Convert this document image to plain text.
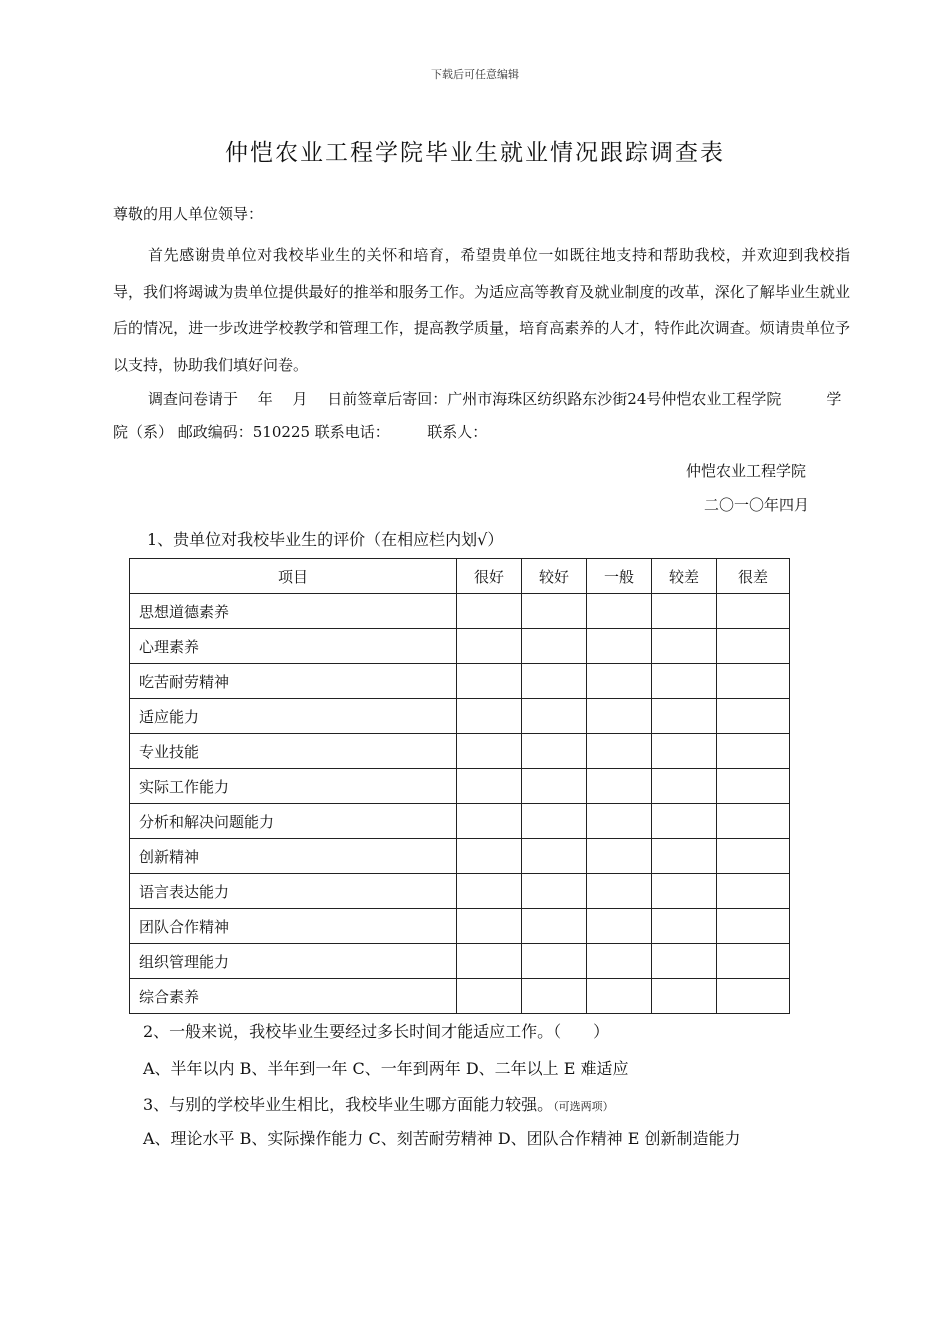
下载后可任意编辑
仲恺农业工程学院毕业生就业情况跟踪调查表
尊敬的用人单位领导：

首先感谢贵单位对我校毕业生的关怀和培育，希望贵单位一如既往地支持和帮助我校，并欢迎到我校指导，我们将竭诚为贵单位提供最好的推举和服务工作。为适应高等教育及就业制度的改革，深化了解毕业生就业后的情况，进一步改进学校教学和管理工作，提高教学质量，培育高素养的人才，特作此次调查。烦请贵单位予以支持，协助我们填好问卷。

调查问卷请于　 年　 月　 日前签章后寄回：广州市海珠区纺织路东沙街24号仲恺农业工程学院　　　学院（系） 邮政编码：510225 联系电话：　　　联系人：

仲恺农业工程学院
二〇一〇年四月
1、贵单位对我校毕业生的评价（在相应栏内划√）
项目	很好	较好	一般	较差	很差
思想道德素养					
心理素养					
吃苦耐劳精神					
适应能力					
专业技能					
实际工作能力					
分析和解决问题能力					
创新精神					
语言表达能力					
团队合作精神					
组织管理能力					
综合素养					
2、一般来说，我校毕业生要经过多长时间才能适应工作。（　　）
A、半年以内 B、半年到一年 C、一年到两年 D、二年以上 E 难适应
3、与别的学校毕业生相比，我校毕业生哪方面能力较强。（可选两项）
A、理论水平 B、实际操作能力 C、刻苦耐劳精神 D、团队合作精神 E 创新制造能力
